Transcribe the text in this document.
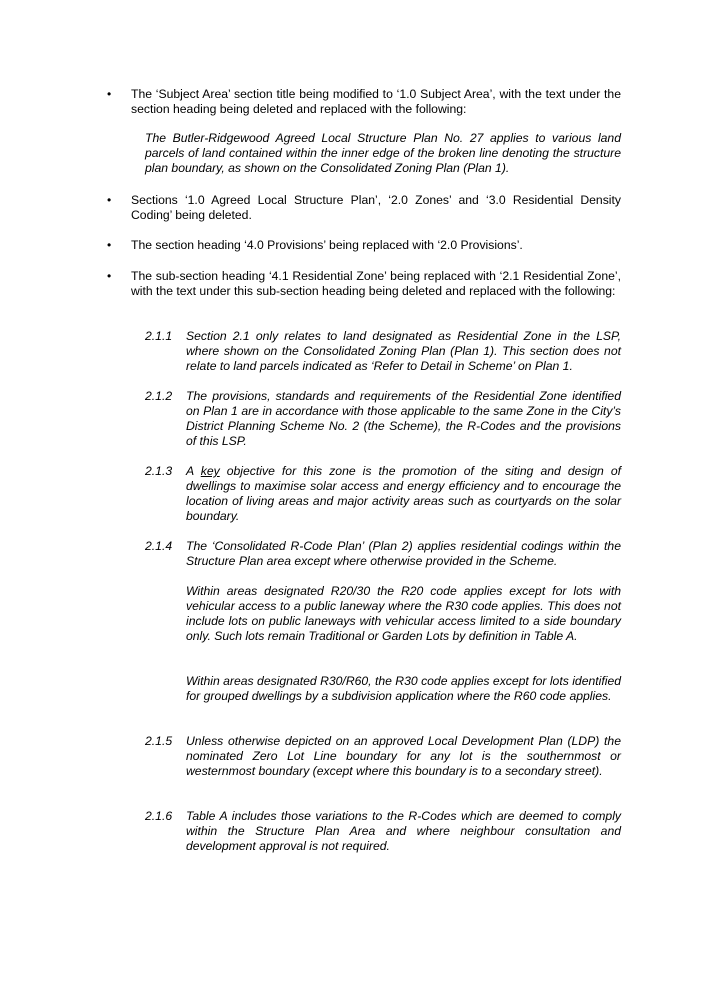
• The ‘Subject Area’ section title being modified to ‘1.0 Subject Area’, with the text under the section heading being deleted and replaced with the following:
The Butler-Ridgewood Agreed Local Structure Plan No. 27 applies to various land parcels of land contained within the inner edge of the broken line denoting the structure plan boundary, as shown on the Consolidated Zoning Plan (Plan 1).
• Sections ‘1.0 Agreed Local Structure Plan’, ‘2.0 Zones’ and ‘3.0 Residential Density Coding’ being deleted.
• The section heading ‘4.0 Provisions’ being replaced with ‘2.0 Provisions’.
• The sub-section heading ‘4.1 Residential Zone’ being replaced with ‘2.1 Residential Zone’, with the text under this sub-section heading being deleted and replaced with the following:
2.1.1 Section 2.1 only relates to land designated as Residential Zone in the LSP, where shown on the Consolidated Zoning Plan (Plan 1). This section does not relate to land parcels indicated as ‘Refer to Detail in Scheme’ on Plan 1.
2.1.2 The provisions, standards and requirements of the Residential Zone identified on Plan 1 are in accordance with those applicable to the same Zone in the City’s District Planning Scheme No. 2 (the Scheme), the R-Codes and the provisions of this LSP.
2.1.3 A key objective for this zone is the promotion of the siting and design of dwellings to maximise solar access and energy efficiency and to encourage the location of living areas and major activity areas such as courtyards on the solar boundary.
2.1.4 The ‘Consolidated R-Code Plan’ (Plan 2) applies residential codings within the Structure Plan area except where otherwise provided in the Scheme.
Within areas designated R20/30 the R20 code applies except for lots with vehicular access to a public laneway where the R30 code applies. This does not include lots on public laneways with vehicular access limited to a side boundary only. Such lots remain Traditional or Garden Lots by definition in Table A.
Within areas designated R30/R60, the R30 code applies except for lots identified for grouped dwellings by a subdivision application where the R60 code applies.
2.1.5 Unless otherwise depicted on an approved Local Development Plan (LDP) the nominated Zero Lot Line boundary for any lot is the southernmost or westernmost boundary (except where this boundary is to a secondary street).
2.1.6 Table A includes those variations to the R-Codes which are deemed to comply within the Structure Plan Area and where neighbour consultation and development approval is not required.
